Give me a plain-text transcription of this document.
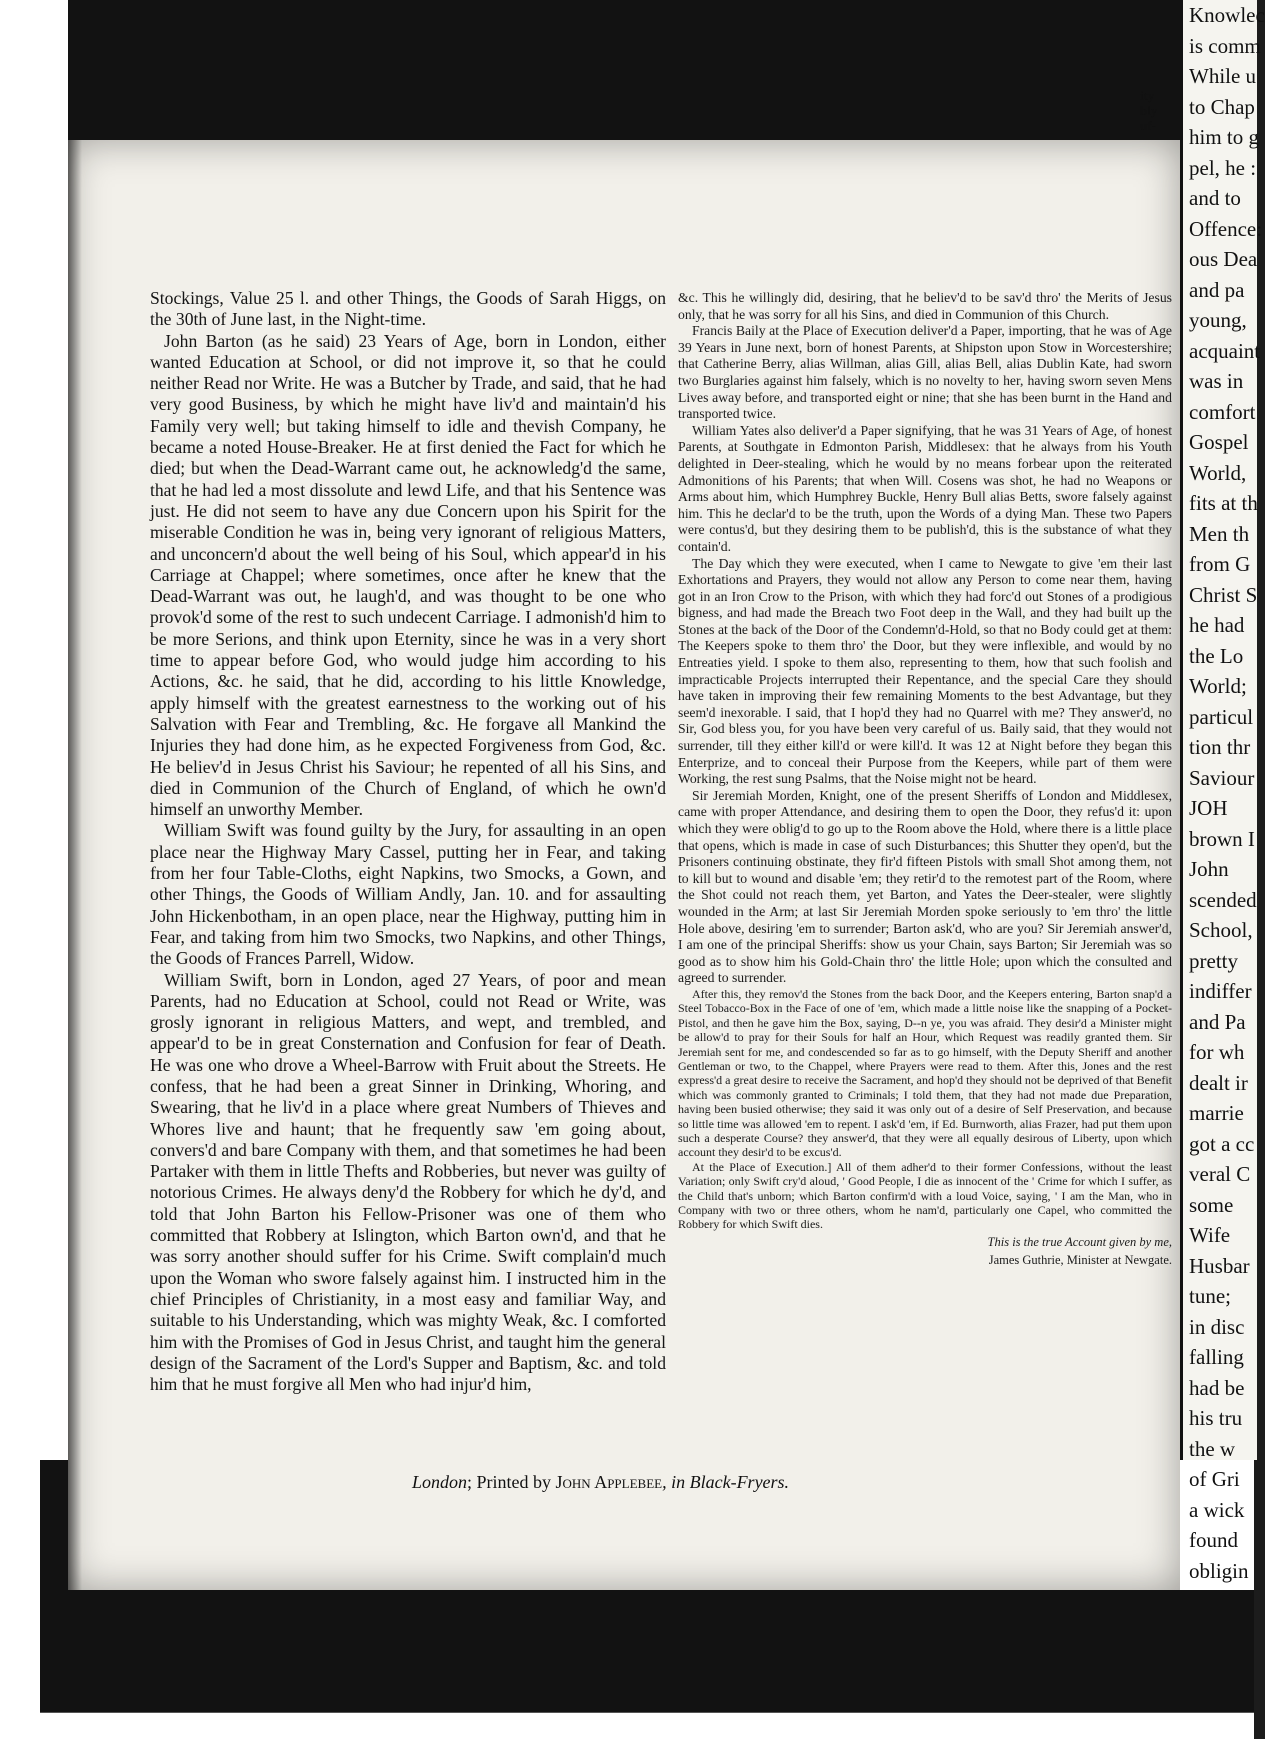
ity
bly
uf-

Knowlec

is comm

While u

to Chap

him to g

pel, he :

and to

Offence:

ous Dea

and pa

young,

acquaint

was in

comfort

Gospel

World,

fits at th

Men th

from G

Christ S

he had

the Lo

World;

particul

tion thr

Saviour

JOH

brown I

John

scended

School,

pretty

indiffer

and Pa

for wh

dealt ir

marrie

got a cc

veral C

some

Wife

Husbar

tune;

in disc

falling

had be

his tru

the w

of Gri

a wick

found

obligin

Stockings, Value 25 l. and other Things, the Goods of Sarah Higgs, on the 30th of June last, in the Night-time.

John Barton (as he said) 23 Years of Age, born in London, either wanted Education at School, or did not improve it, so that he could neither Read nor Write. He was a Butcher by Trade, and said, that he had very good Business, by which he might have liv'd and maintain'd his Family very well; but taking himself to idle and thevish Company, he became a noted House-Breaker. He at first denied the Fact for which he died; but when the Dead-Warrant came out, he acknowledg'd the same, that he had led a most dissolute and lewd Life, and that his Sentence was just. He did not seem to have any due Concern upon his Spirit for the miserable Condition he was in, being very ignorant of religious Matters, and unconcern'd about the well being of his Soul, which appear'd in his Carriage at Chappel; where sometimes, once after he knew that the Dead-Warrant was out, he laugh'd, and was thought to be one who provok'd some of the rest to such undecent Carriage. I admonish'd him to be more Serions, and think upon Eternity, since he was in a very short time to appear before God, who would judge him according to his Actions, &c. he said, that he did, according to his little Knowledge, apply himself with the greatest earnestness to the working out of his Salvation with Fear and Trembling, &c. He forgave all Mankind the Injuries they had done him, as he expected Forgiveness from God, &c. He believ'd in Jesus Christ his Saviour; he repented of all his Sins, and died in Communion of the Church of England, of which he own'd himself an unworthy Member.

William Swift was found guilty by the Jury, for assaulting in an open place near the Highway Mary Cassel, putting her in Fear, and taking from her four Table-Cloths, eight Napkins, two Smocks, a Gown, and other Things, the Goods of William Andly, Jan. 10. and for assaulting John Hickenbotham, in an open place, near the Highway, putting him in Fear, and taking from him two Smocks, two Napkins, and other Things, the Goods of Frances Parrell, Widow.

William Swift, born in London, aged 27 Years, of poor and mean Parents, had no Education at School, could not Read or Write, was grosly ignorant in religious Matters, and wept, and trembled, and appear'd to be in great Consternation and Confusion for fear of Death. He was one who drove a Wheel-Barrow with Fruit about the Streets. He confess, that he had been a great Sinner in Drinking, Whoring, and Swearing, that he liv'd in a place where great Numbers of Thieves and Whores live and haunt; that he frequently saw 'em going about, convers'd and bare Company with them, and that sometimes he had been Partaker with them in little Thefts and Robberies, but never was guilty of notorious Crimes. He always deny'd the Robbery for which he dy'd, and told that John Barton his Fellow-Prisoner was one of them who committed that Robbery at Islington, which Barton own'd, and that he was sorry another should suffer for his Crime. Swift complain'd much upon the Woman who swore falsely against him. I instructed him in the chief Principles of Christianity, in a most easy and familiar Way, and suitable to his Understanding, which was mighty Weak, &c. I comforted him with the Promises of God in Jesus Christ, and taught him the general design of the Sacrament of the Lord's Supper and Baptism, &c. and told him that he must forgive all Men who had injur'd him,

&c. This he willingly did, desiring, that he believ'd to be sav'd thro' the Merits of Jesus only, that he was sorry for all his Sins, and died in Communion of this Church.

Francis Baily at the Place of Execution deliver'd a Paper, importing, that he was of Age 39 Years in June next, born of honest Parents, at Shipston upon Stow in Worcestershire; that Catherine Berry, alias Willman, alias Gill, alias Bell, alias Dublin Kate, had sworn two Burglaries against him falsely, which is no novelty to her, having sworn seven Mens Lives away before, and transported eight or nine; that she has been burnt in the Hand and transported twice.

William Yates also deliver'd a Paper signifying, that he was 31 Years of Age, of honest Parents, at Southgate in Edmonton Parish, Middlesex: that he always from his Youth delighted in Deer-stealing, which he would by no means forbear upon the reiterated Admonitions of his Parents; that when Will. Cosens was shot, he had no Weapons or Arms about him, which Humphrey Buckle, Henry Bull alias Betts, swore falsely against him. This he declar'd to be the truth, upon the Words of a dying Man. These two Papers were contus'd, but they desiring them to be publish'd, this is the substance of what they contain'd.

The Day which they were executed, when I came to Newgate to give 'em their last Exhortations and Prayers, they would not allow any Person to come near them, having got in an Iron Crow to the Prison, with which they had forc'd out Stones of a prodigious bigness, and had made the Breach two Foot deep in the Wall, and they had built up the Stones at the back of the Door of the Condemn'd-Hold, so that no Body could get at them: The Keepers spoke to them thro' the Door, but they were inflexible, and would by no Entreaties yield. I spoke to them also, representing to them, how that such foolish and impracticable Projects interrupted their Repentance, and the special Care they should have taken in improving their few remaining Moments to the best Advantage, but they seem'd inexorable. I said, that I hop'd they had no Quarrel with me? They answer'd, no Sir, God bless you, for you have been very careful of us. Baily said, that they would not surrender, till they either kill'd or were kill'd. It was 12 at Night before they began this Enterprize, and to conceal their Purpose from the Keepers, while part of them were Working, the rest sung Psalms, that the Noise might not be heard.

Sir Jeremiah Morden, Knight, one of the present Sheriffs of London and Middlesex, came with proper Attendance, and desiring them to open the Door, they refus'd it: upon which they were oblig'd to go up to the Room above the Hold, where there is a little place that opens, which is made in case of such Disturbances; this Shutter they open'd, but the Prisoners continuing obstinate, they fir'd fifteen Pistols with small Shot among them, not to kill but to wound and disable 'em; they retir'd to the remotest part of the Room, where the Shot could not reach them, yet Barton, and Yates the Deer-stealer, were slightly wounded in the Arm; at last Sir Jeremiah Morden spoke seriously to 'em thro' the little Hole above, desiring 'em to surrender; Barton ask'd, who are you? Sir Jeremiah answer'd, I am one of the principal Sheriffs: show us your Chain, says Barton; Sir Jeremiah was so good as to show him his Gold-Chain thro' the little Hole; upon which the consulted and agreed to surrender.

After this, they remov'd the Stones from the back Door, and the Keepers entering, Barton snap'd a Steel Tobacco-Box in the Face of one of 'em, which made a little noise like the snapping of a Pocket-Pistol, and then he gave him the Box, saying, D--n ye, you was afraid. They desir'd a Minister might be allow'd to pray for their Souls for half an Hour, which Request was readily granted them. Sir Jeremiah sent for me, and condescended so far as to go himself, with the Deputy Sheriff and another Gentleman or two, to the Chappel, where Prayers were read to them. After this, Jones and the rest express'd a great desire to receive the Sacrament, and hop'd they should not be deprived of that Benefit which was commonly granted to Criminals; I told them, that they had not made due Preparation, having been busied otherwise; they said it was only out of a desire of Self Preservation, and because so little time was allowed 'em to repent. I ask'd 'em, if Ed. Burnworth, alias Frazer, had put them upon such a desperate Course? they answer'd, that they were all equally desirous of Liberty, upon which account they desir'd to be excus'd.

At the Place of Execution.] All of them adher'd to their former Confessions, without the least Variation; only Swift cry'd aloud, ' Good People, I die as innocent of the ' Crime for which I suffer, as the Child that's unborn; which Barton confirm'd with a loud Voice, saying, ' I am the Man, who in Company with two or three others, whom he nam'd, particularly one Capel, who committed the Robbery for which Swift dies.

This is the true Account given by me,
James Guthrie, Minister at Newgate.
London; Printed by John Applebee, in Black-Fryers.
